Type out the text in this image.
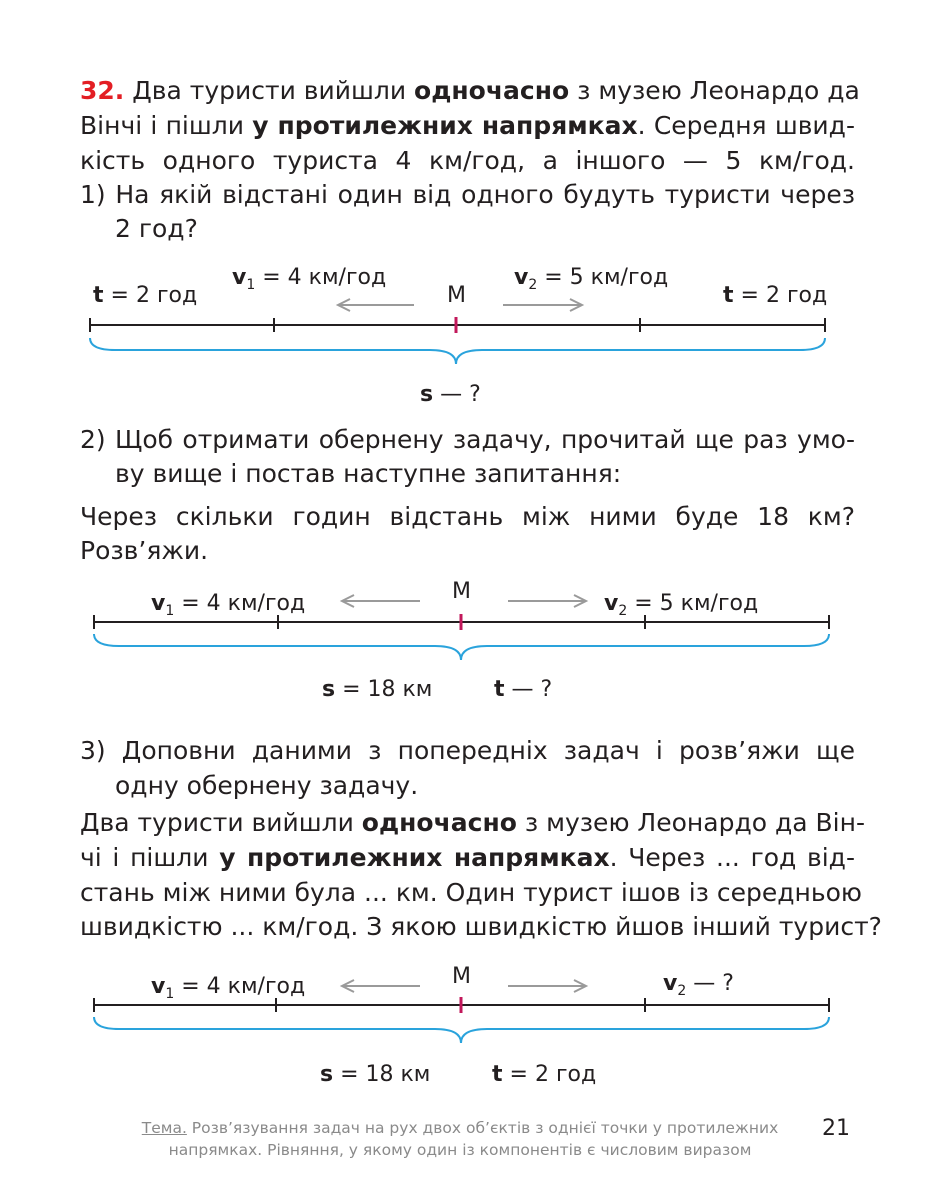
32. Два туристи вийшли одночасно з музею Леонардо да
Вінчі і пішли у протилежних напрямках. Середня швид-
кість одного туриста 4 км/год, а іншого — 5 км/год.
1) На якій відстані один від одного будуть туристи через
2 год?
t = 2 год
$v_1 = 4$ км/год
М
$v_2 = 5$ км/год
t = 2 год
s — ?
2) Щоб отримати обернену задачу, прочитай ще раз умо-
ву вище і постав наступне запитання:
Через скільки годин відстань між ними буде 18 км?
Розв’яжи.
$v_1 = 4$ км/год	М	$v_2 = 5$ км/год
s = 18 км	t — ?
3) Доповни даними з попередніх задач і розв’яжи ще
одну обернену задачу.
Два туристи вийшли одночасно з музею Леонардо да Він-
чі і пішли у протилежних напрямках. Через ... год від-
стань між ними була ... км. Один турист ішов із середньою
швидкістю ... км/год. З якою швидкістю йшов інший турист?
$v_1 = 4$ км/год	М	$v_2$ — ?
s = 18 км	t = 2 год
Тема. Розв’язування задач на рух двох об’єктів з однієї точки у протилежних
напрямках. Рівняння, у якому один із компонентів є числовим виразом
21
